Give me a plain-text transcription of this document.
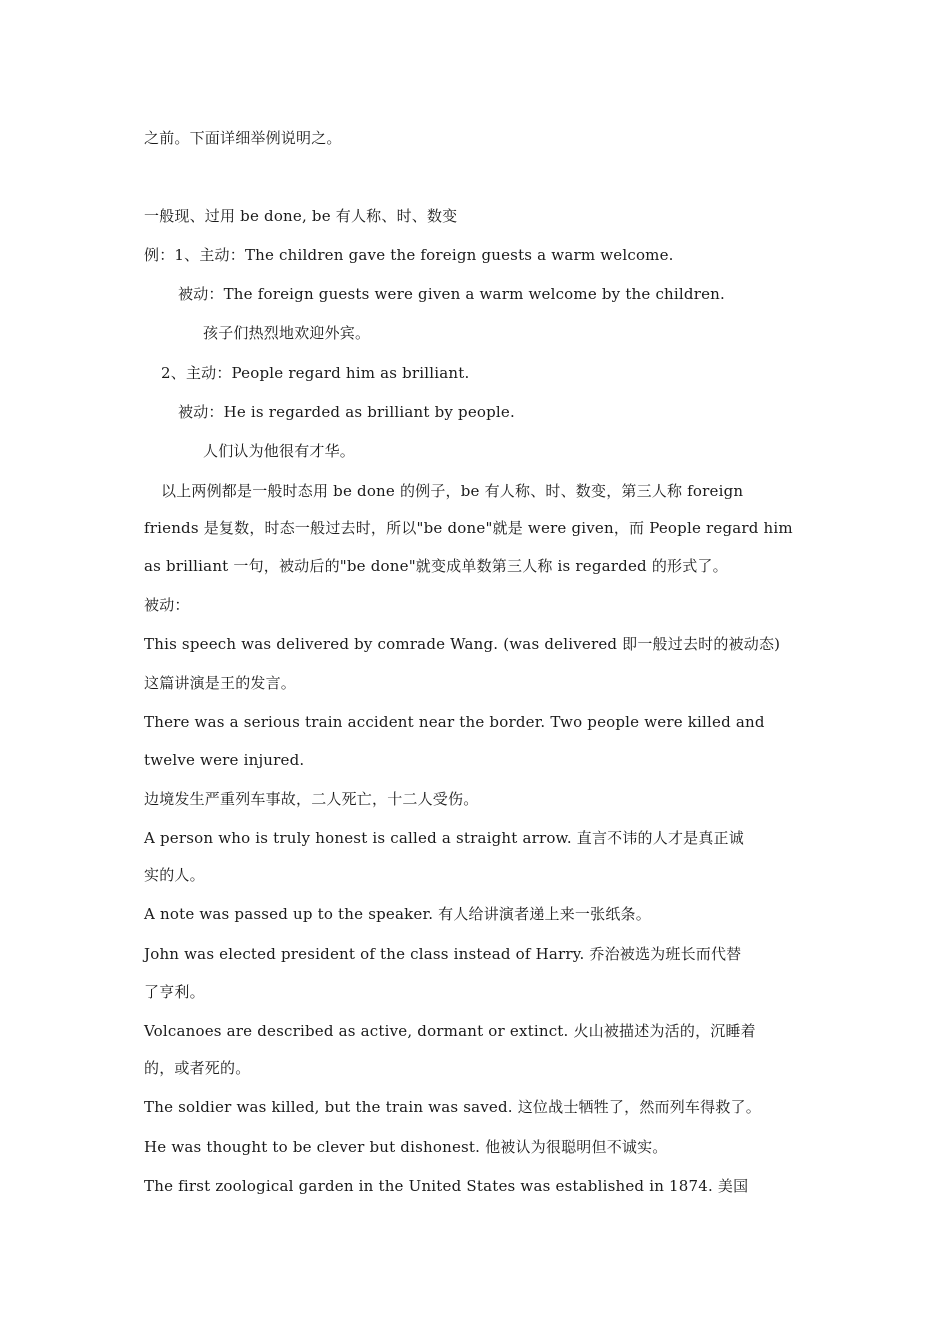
之前。下面详细举例说明之。
一般现、过用 be done, be 有人称、时、数变
例：1、主动：The children gave the foreign guests a warm welcome.
被动：The foreign guests were given a warm welcome by the children.
孩子们热烈地欢迎外宾。
2、主动：People regard him as brilliant.
被动：He is regarded as brilliant by people.
人们认为他很有才华。
以上两例都是一般时态用 be done 的例子，be 有人称、时、数变，第三人称 foreign
friends 是复数，时态一般过去时，所以"be done"就是 were given，而 People regard him
as brilliant 一句，被动后的"be done"就变成单数第三人称 is regarded 的形式了。
被动：
This speech was delivered by comrade Wang. (was delivered 即一般过去时的被动态)
这篇讲演是王的发言。
There was a serious train accident near the border. Two people were killed and
twelve were injured.
边境发生严重列车事故，二人死亡，十二人受伤。
A person who is truly honest is called a straight arrow. 直言不讳的人才是真正诚
实的人。
A note was passed up to the speaker. 有人给讲演者递上来一张纸条。
John was elected president of the class instead of Harry. 乔治被选为班长而代替
了亨利。
Volcanoes are described as active, dormant or extinct. 火山被描述为活的，沉睡着
的，或者死的。
The soldier was killed, but the train was saved. 这位战士牺牲了，然而列车得救了。
He was thought to be clever but dishonest. 他被认为很聪明但不诚实。
The first zoological garden in the United States was established in 1874. 美国
